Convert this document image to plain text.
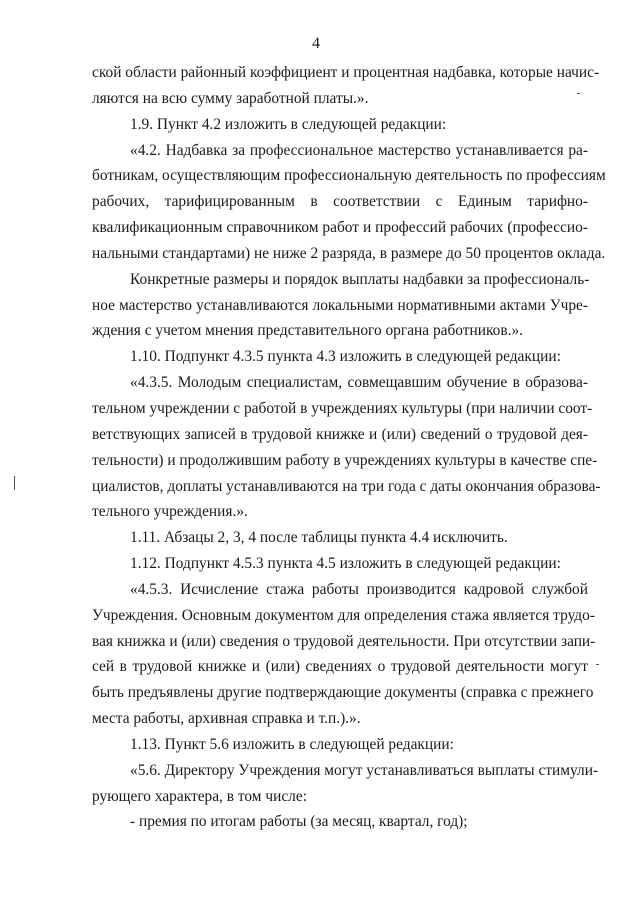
4
ской области районный коэффициент и процентная надбавка, которые начис-
ляются на всю сумму заработной платы.».
1.9. Пункт 4.2 изложить в следующей редакции:
«4.2. Надбавка за профессиональное мастерство устанавливается ра-
ботникам, осуществляющим профессиональную деятельность по профессиям
рабочих, тарифицированным в соответствии с Единым тарифно-
квалификационным справочником работ и профессий рабочих (профессио-
нальными стандартами) не ниже 2 разряда, в размере до 50 процентов оклада.
Конкретные размеры и порядок выплаты надбавки за профессиональ-
ное мастерство устанавливаются локальными нормативными актами Учре-
ждения с учетом мнения представительного органа работников.».
1.10. Подпункт 4.3.5 пункта 4.3 изложить в следующей редакции:
«4.3.5. Молодым специалистам, совмещавшим обучение в образова-
тельном учреждении с работой в учреждениях культуры (при наличии соот-
ветствующих записей в трудовой книжке и (или) сведений о трудовой дея-
тельности) и продолжившим работу в учреждениях культуры в качестве спе-
циалистов, доплаты устанавливаются на три года с даты окончания образова-
тельного учреждения.».
1.11. Абзацы 2, 3, 4 после таблицы пункта 4.4 исключить.
1.12. Подпункт 4.5.3 пункта 4.5 изложить в следующей редакции:
«4.5.3. Исчисление стажа работы производится кадровой службой
Учреждения. Основным документом для определения стажа является трудо-
вая книжка и (или) сведения о трудовой деятельности. При отсутствии запи-
сей в трудовой книжке и (или) сведениях о трудовой деятельности могут
быть предъявлены другие подтверждающие документы (справка с прежнего
места работы, архивная справка и т.п.).».
1.13. Пункт 5.6 изложить в следующей редакции:
«5.6. Директору Учреждения могут устанавливаться выплаты стимули-
рующего характера, в том числе:
- премия по итогам работы (за месяц, квартал, год);
